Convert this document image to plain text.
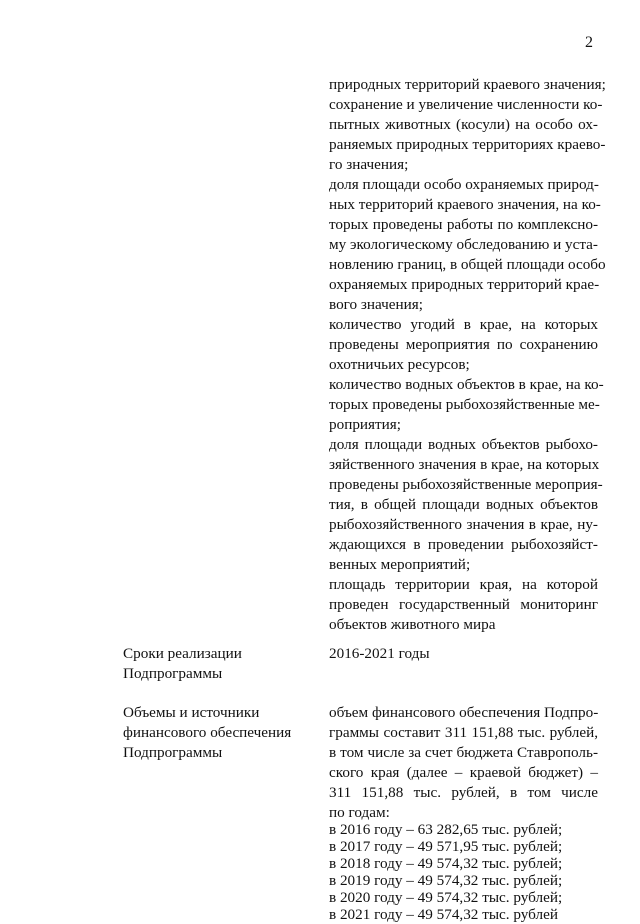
2
природных территорий краевого значения;
сохранение и увеличение численности ко-
пытных животных (косули) на особо ох-
раняемых природных территориях краево-
го значения;
доля площади особо охраняемых природ-
ных территорий краевого значения, на ко-
торых проведены работы по комплексно-
му экологическому обследованию и уста-
новлению границ, в общей площади особо
охраняемых природных территорий крае-
вого значения;
количество угодий в крае, на которых
проведены мероприятия по сохранению
охотничьих ресурсов;
количество водных объектов в крае, на ко-
торых проведены рыбохозяйственные ме-
роприятия;
доля площади водных объектов рыбохо-
зяйственного значения в крае, на которых
проведены рыбохозяйственные мероприя-
тия, в общей площади водных объектов
рыбохозяйственного значения в крае, ну-
ждающихся в проведении рыбохозяйст-
венных мероприятий;
площадь территории края, на которой
проведен государственный мониторинг
объектов животного мира
Сроки реализации
Подпрограммы
2016-2021 годы
Объемы и источники
финансового обеспечения
Подпрограммы
объем финансового обеспечения Подпро-
граммы составит 311 151,88 тыс. рублей,
в том числе за счет бюджета Ставрополь-
ского края (далее – краевой бюджет) –
311 151,88 тыс. рублей, в том числе
по годам:
в 2016 году – 63 282,65 тыс. рублей;
в 2017 году – 49 571,95 тыс. рублей;
в 2018 году – 49 574,32 тыс. рублей;
в 2019 году – 49 574,32 тыс. рублей;
в 2020 году – 49 574,32 тыс. рублей;
в 2021 году – 49 574,32 тыс. рублей
